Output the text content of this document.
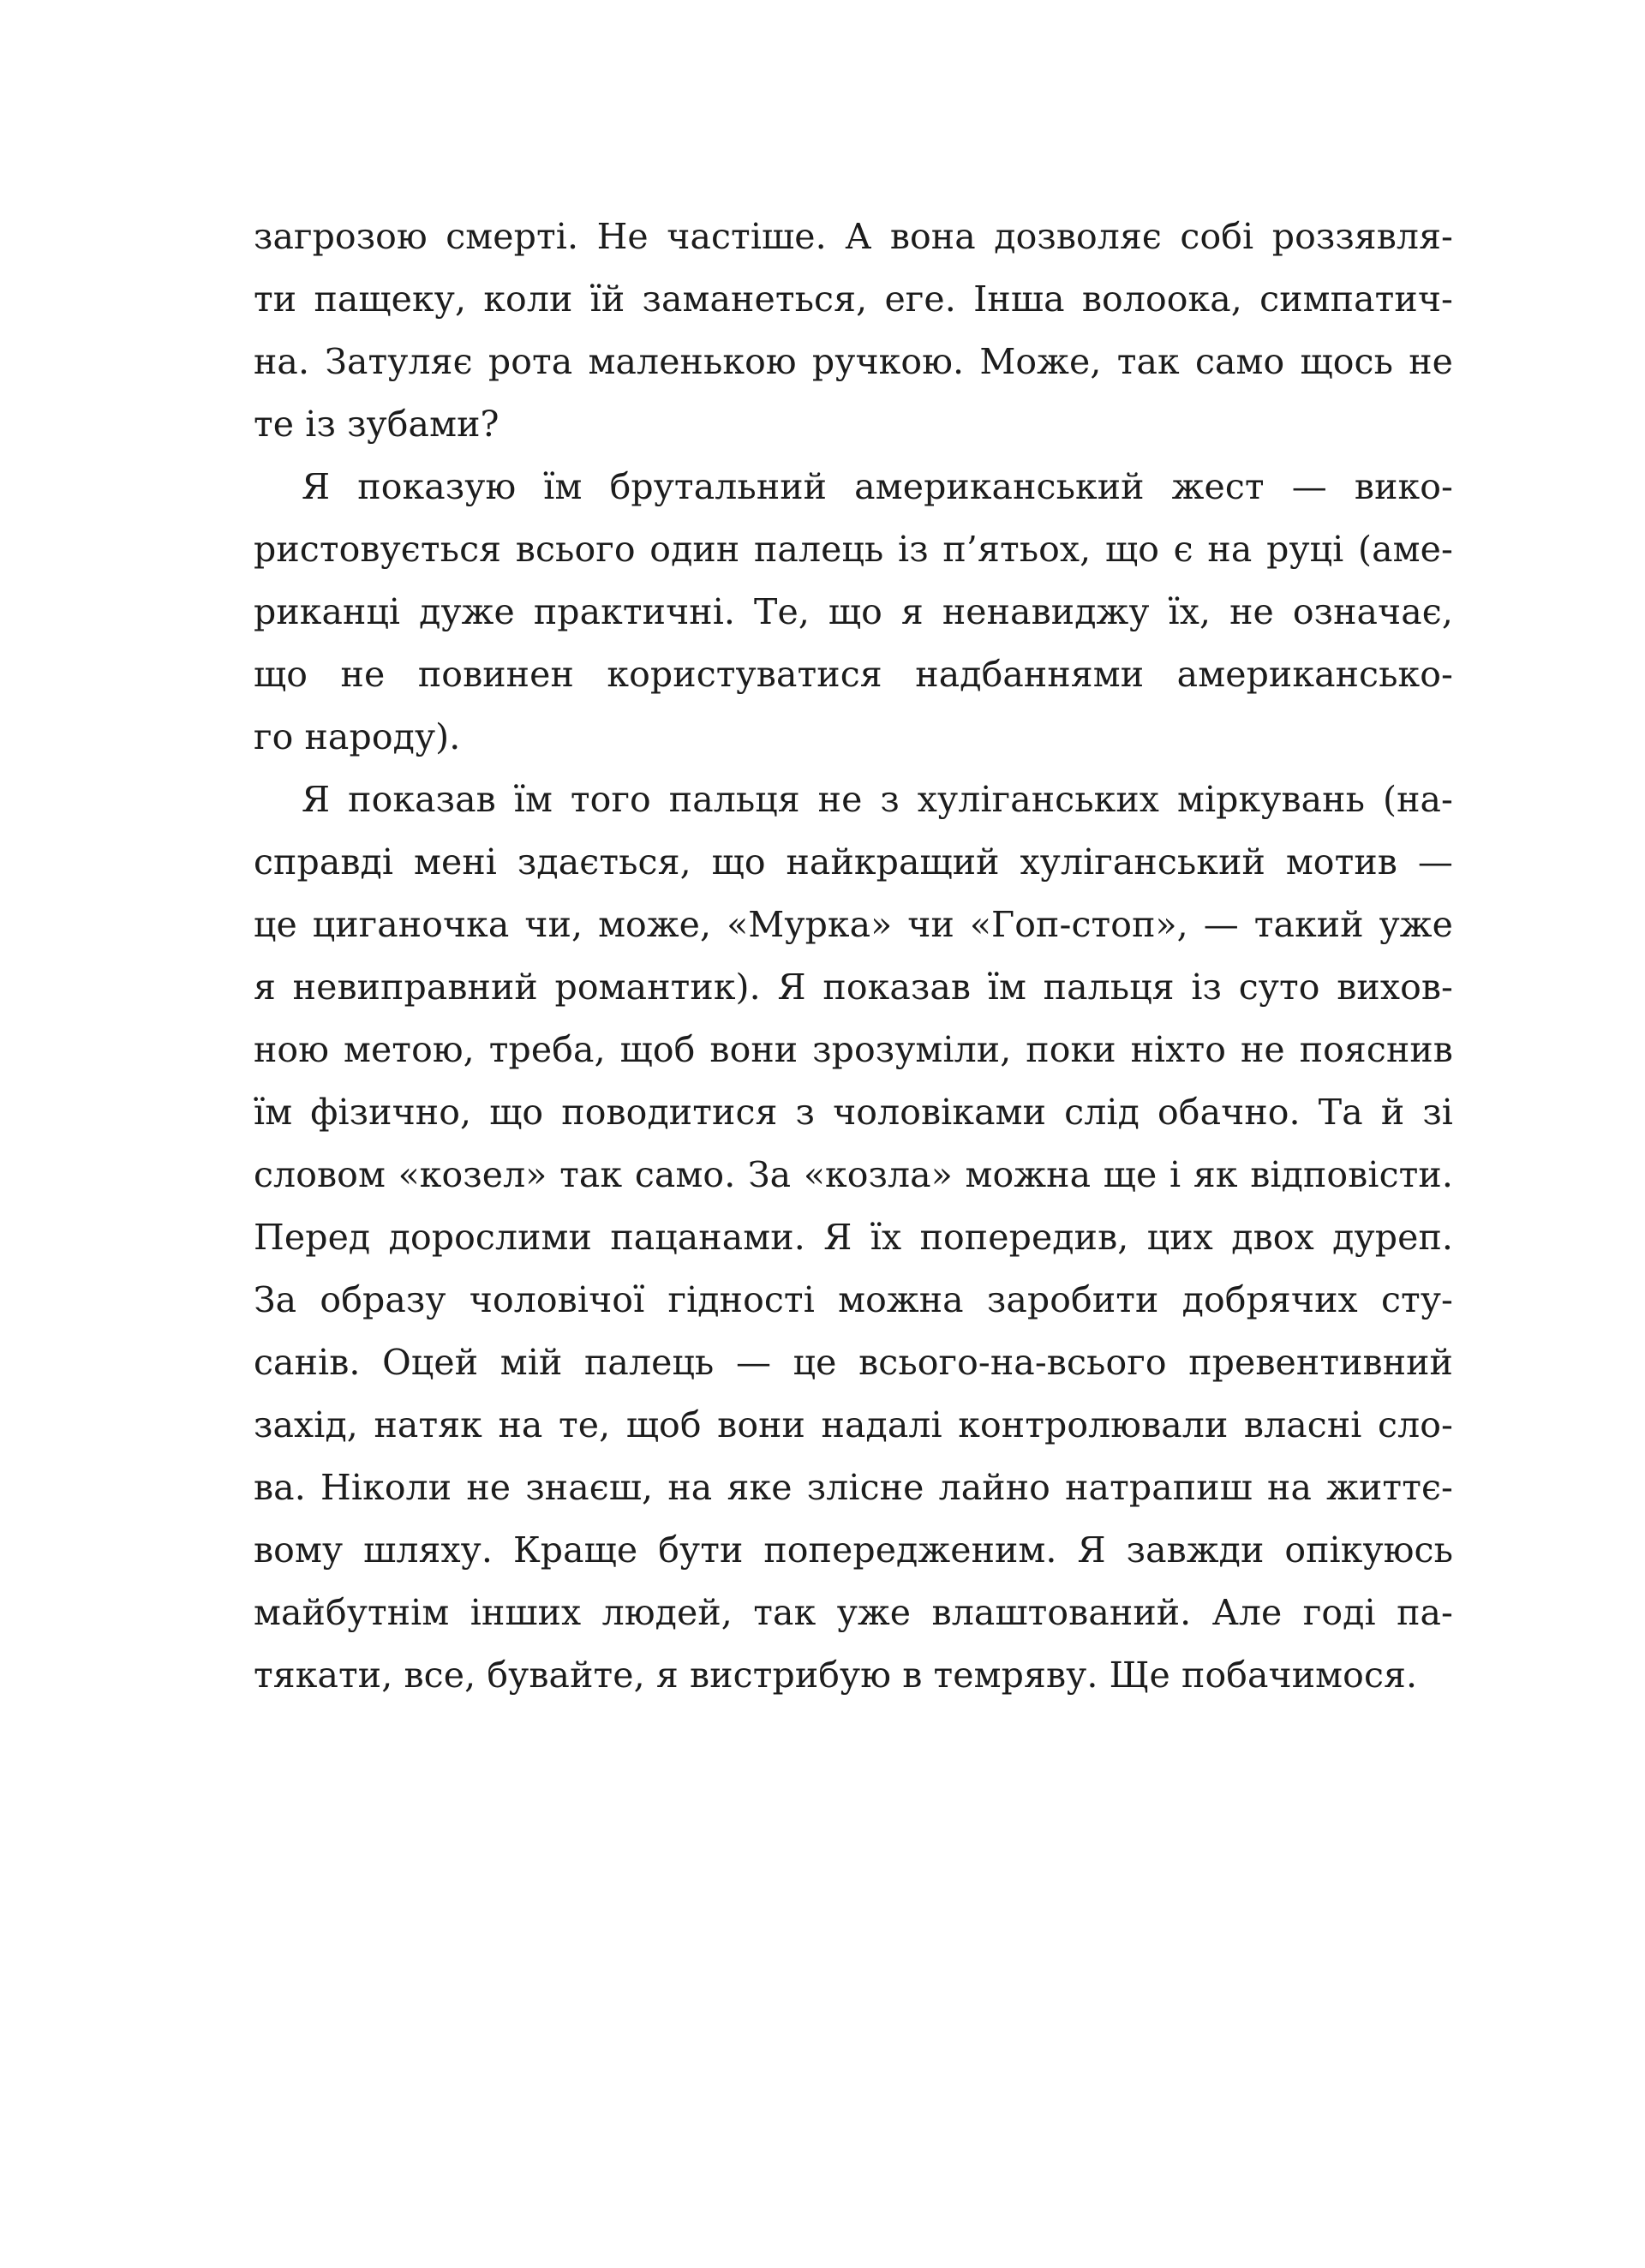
загрозою смерті. Не частіше. А вона дозволяє собі роззявля-
ти пащеку, коли їй заманеться, еге. Інша волоока, симпатич-
на. Затуляє рота маленькою ручкою. Може, так само щось не
те із зубами?
Я показую їм брутальний американський жест — вико-
ристовується всього один палець із п’ятьох, що є на руці (аме-
риканці дуже практичні. Те, що я ненавиджу їх, не означає,
що не повинен користуватися надбаннями американсько-
го народу).
Я показав їм того пальця не з хуліганських міркувань (на-
справді мені здається, що найкращий хуліганський мотив —
це циганочка чи, може, «Мурка» чи «Гоп-стоп», — такий уже
я невиправний романтик). Я показав їм пальця із суто вихов-
ною метою, треба, щоб вони зрозуміли, поки ніхто не пояснив
їм фізично, що поводитися з чоловіками слід обачно. Та й зі
словом «козел» так само. За «козла» можна ще і як відповісти.
Перед дорослими пацанами. Я їх попередив, цих двох дуреп.
За образу чоловічої гідності можна заробити добрячих сту-
санів. Оцей мій палець — це всього-на-всього превентивний
захід, натяк на те, щоб вони надалі контролювали власні сло-
ва. Ніколи не знаєш, на яке злісне лайно натрапиш на життє-
вому шляху. Краще бути попередженим. Я завжди опікуюсь
майбутнім інших людей, так уже влаштований. Але годі па-
тякати, все, бувайте, я вистрибую в темряву. Ще побачимося.
